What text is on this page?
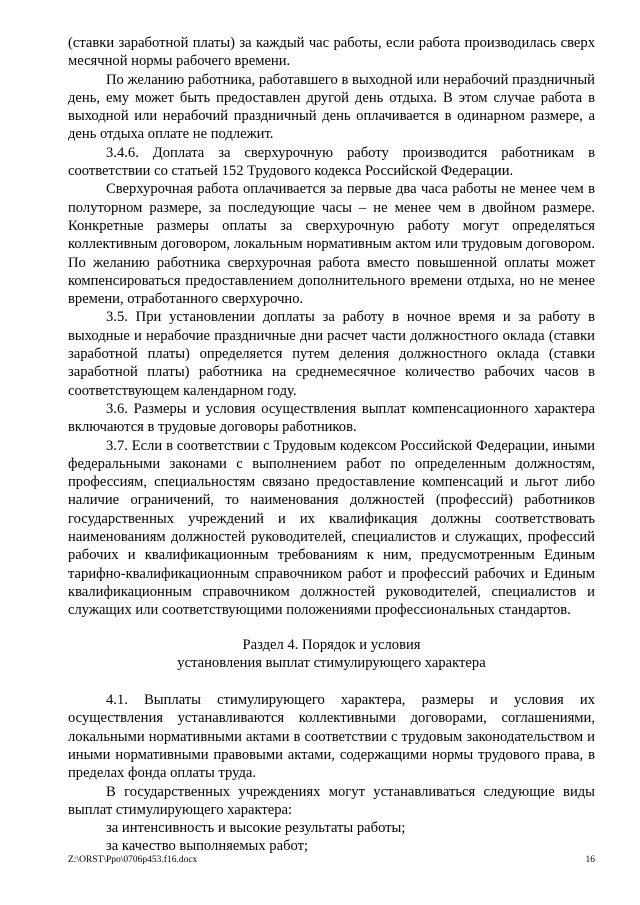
(ставки заработной платы) за каждый час работы, если работа производилась сверх месячной нормы рабочего времени.

По желанию работника, работавшего в выходной или нерабочий праздничный день, ему может быть предоставлен другой день отдыха. В этом случае работа в выходной или нерабочий праздничный день оплачивается в одинарном размере, а день отдыха оплате не подлежит.

3.4.6. Доплата за сверхурочную работу производится работникам в соответствии со статьей 152 Трудового кодекса Российской Федерации.

Сверхурочная работа оплачивается за первые два часа работы не менее чем в полуторном размере, за последующие часы – не менее чем в двойном размере. Конкретные размеры оплаты за сверхурочную работу могут определяться коллективным договором, локальным нормативным актом или трудовым договором. По желанию работника сверхурочная работа вместо повышенной оплаты может компенсироваться предоставлением дополнительного времени отдыха, но не менее времени, отработанного сверхурочно.

3.5. При установлении доплаты за работу в ночное время и за работу в выходные и нерабочие праздничные дни расчет части должностного оклада (ставки заработной платы) определяется путем деления должностного оклада (ставки заработной платы) работника на среднемесячное количество рабочих часов в соответствующем календарном году.

3.6. Размеры и условия осуществления выплат компенсационного характера включаются в трудовые договоры работников.

3.7. Если в соответствии с Трудовым кодексом Российской Федерации, иными федеральными законами с выполнением работ по определенным должностям, профессиям, специальностям связано предоставление компенсаций и льгот либо наличие ограничений, то наименования должностей (профессий) работников государственных учреждений и их квалификация должны соответствовать наименованиям должностей руководителей, специалистов и служащих, профессий рабочих и квалификационным требованиям к ним, предусмотренным Единым тарифно-квалификационным справочником работ и профессий рабочих и Единым квалификационным справочником должностей руководителей, специалистов и служащих или соответствующими положениями профессиональных стандартов.

Раздел 4. Порядок и условия

установления выплат стимулирующего характера

4.1. Выплаты стимулирующего характера, размеры и условия их осуществления устанавливаются коллективными договорами, соглашениями, локальными нормативными актами в соответствии с трудовым законодательством и иными нормативными правовыми актами, содержащими нормы трудового права, в пределах фонда оплаты труда.

В государственных учреждениях могут устанавливаться следующие виды выплат стимулирующего характера:

за интенсивность и высокие результаты работы;

за качество выполняемых работ;

Z:\ORST\Ppo\0706p453.f16.docx	16
